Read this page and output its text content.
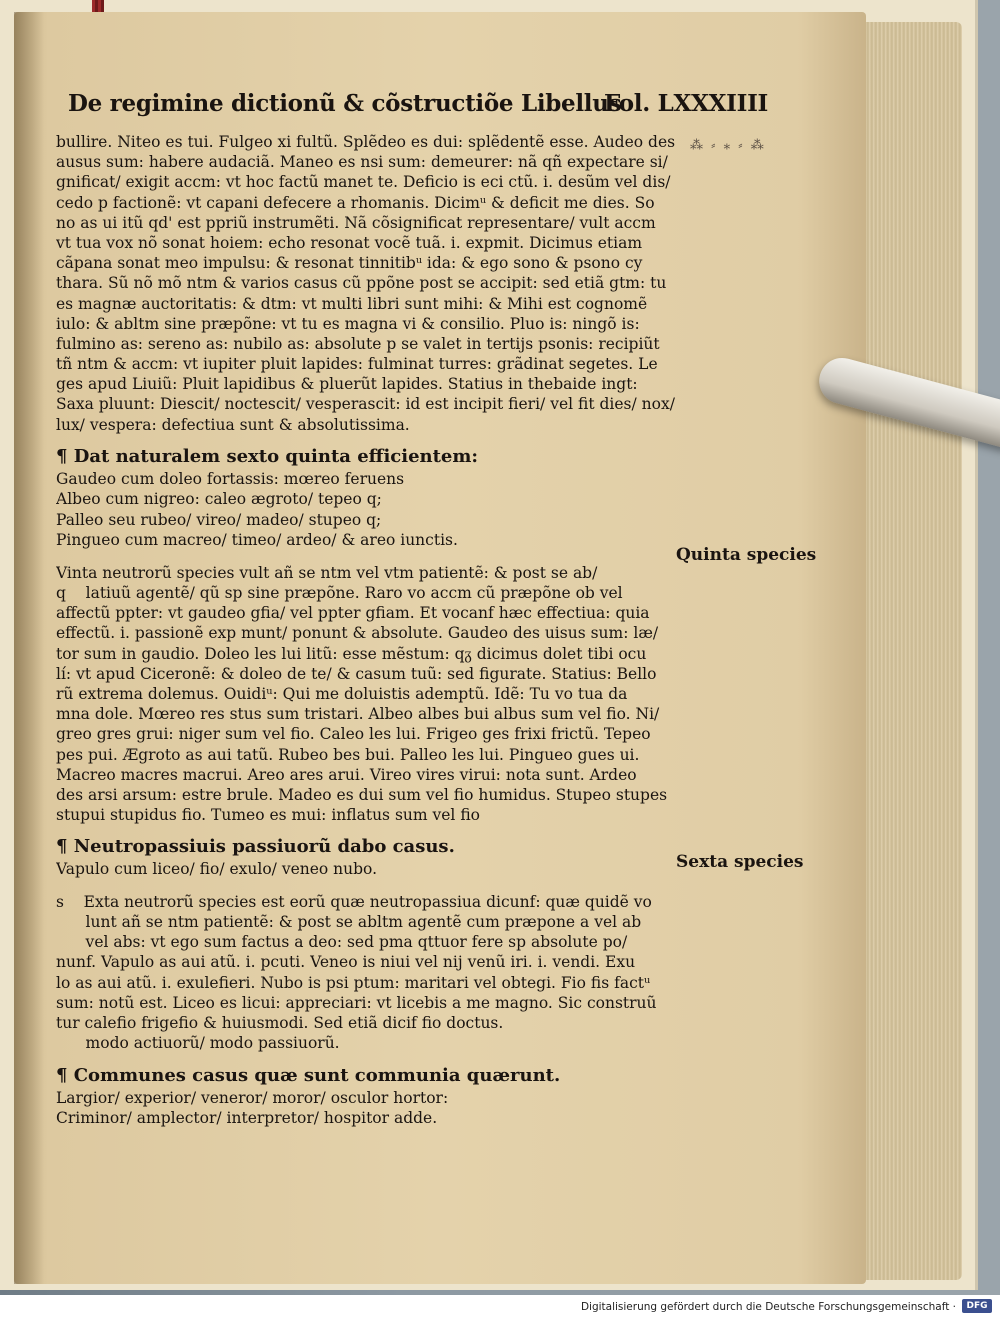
De regimine dictionũ & cõstructiõe Libellus
Fol. LXXXIIII
⁂ ⸗ ⁎ ⸗ ⁂
bullire. Niteo es tui. Fulgeo xi fultũ. Splẽdeo es dui: splẽdentẽ esse. Audeo des
ausus sum: habere audaciã. Maneo es nsi sum: demeurer: nã qñ expectare si/
gnificat/ exigit accm: vt hoc factũ manet te. Deficio is eci ctũ. i. desũm vel dis/
cedo p factionẽ: vt capani defecere a rhomanis. Dicimᵘ & deficit me dies. So
no as ui itũ qd' est ppriũ instrumẽti. Nã cõsignificat representare/ vult accm
vt tua vox nõ sonat hoiem: echo resonat vocẽ tuã. i. expmit. Dicimus etiam
cãpana sonat meo impulsu: & resonat tinnitibᵘ ida: & ego sono & psono cy
thara. Sũ nõ mõ ntm & varios casus cũ ppõne post se accipit: sed etiã gtm: tu
es magnæ auctoritatis: & dtm: vt multi libri sunt mihi: & Mihi est cognomẽ
iulo: & abltm sine præpõne: vt tu es magna vi & consilio. Pluo is: ningõ is:
fulmino as: sereno as: nubilo as: absolute p se valet in tertijs psonis: recipiũt
tñ ntm & accm: vt iupiter pluit lapides: fulminat turres: grãdinat segetes. Le
ges apud Liuiũ: Pluit lapidibus & pluerũt lapides. Statius in thebaide ingt:
Saxa pluunt: Diescit/ noctescit/ vesperascit: id est incipit fieri/ vel fit dies/ nox/
lux/ vespera: defectiua sunt & absolutissima.
¶ Dat naturalem sexto quinta efficientem:
Gaudeo cum doleo fortassis: mœreo feruens
Albeo cum nigreo: caleo ægroto/ tepeo q;
Palleo seu rubeo/ vireo/ madeo/ stupeo q;
Pingueo cum macreo/ timeo/ ardeo/ & areo iunctis.
Vinta neutrorũ species vult añ se ntm vel vtm patientẽ: & post se ab/
q    latiuũ agentẽ/ qũ sp sine præpõne. Raro vo accm cũ præpõne ob vel
affectũ ppter: vt gaudeo gfia/ vel ppter gfiam. Et vocanf hæc effectiua: quia
effectũ. i. passionẽ exp munt/ ponunt & absolute. Gaudeo des uisus sum: læ/
tor sum in gaudio. Doleo les lui litũ: esse mẽstum: qᵹ dicimus dolet tibi ocu
lí: vt apud Ciceronẽ: & doleo de te/ & casum tuũ: sed figurate. Statius: Bello
rũ extrema dolemus. Ouidiᵘ: Qui me doluistis ademptũ. Idẽ: Tu vo tua da
mna dole. Mœreo res stus sum tristari. Albeo albes bui albus sum vel fio. Ni/
greo gres grui: niger sum vel fio. Caleo les lui. Frigeo ges frixi frictũ. Tepeo
pes pui. Ægroto as aui tatũ. Rubeo bes bui. Palleo les lui. Pingueo gues ui.
Macreo macres macrui. Areo ares arui. Vireo vires virui: nota sunt. Ardeo
des arsi arsum: estre brule. Madeo es dui sum vel fio humidus. Stupeo stupes
stupui stupidus fio. Tumeo es mui: inflatus sum vel fio
¶ Neutropassiuis passiuorũ dabo casus.
Vapulo cum liceo/ fio/ exulo/ veneo nubo.
s    Exta neutrorũ species est eorũ quæ neutropassiua dicunf: quæ quidẽ vo
lunt añ se ntm patientẽ: & post se abltm agentẽ cum præpone a vel ab
vel abs: vt ego sum factus a deo: sed pma qttuor fere sp absolute po/
nunf. Vapulo as aui atũ. i. pcuti. Veneo is niui vel nij venũ iri. i. vendi. Exu
lo as aui atũ. i. exulefieri. Nubo is psi ptum: maritari vel obtegi. Fio fis factᵘ
sum: notũ est. Liceo es licui: appreciari: vt licebis a me magno. Sic construũ
tur calefio frigefio & huiusmodi. Sed etiã dicif fio doctus.
modo actiuorũ/ modo passiuorũ.
¶ Communes casus quæ sunt communia quærunt.
Largior/ experior/ veneror/ moror/ osculor hortor:
Criminor/ amplector/ interpretor/ hospitor adde.
Quinta species
Sexta species
Digitalisierung gefördert durch die Deutsche Forschungsgemeinschaft ·	DFG
